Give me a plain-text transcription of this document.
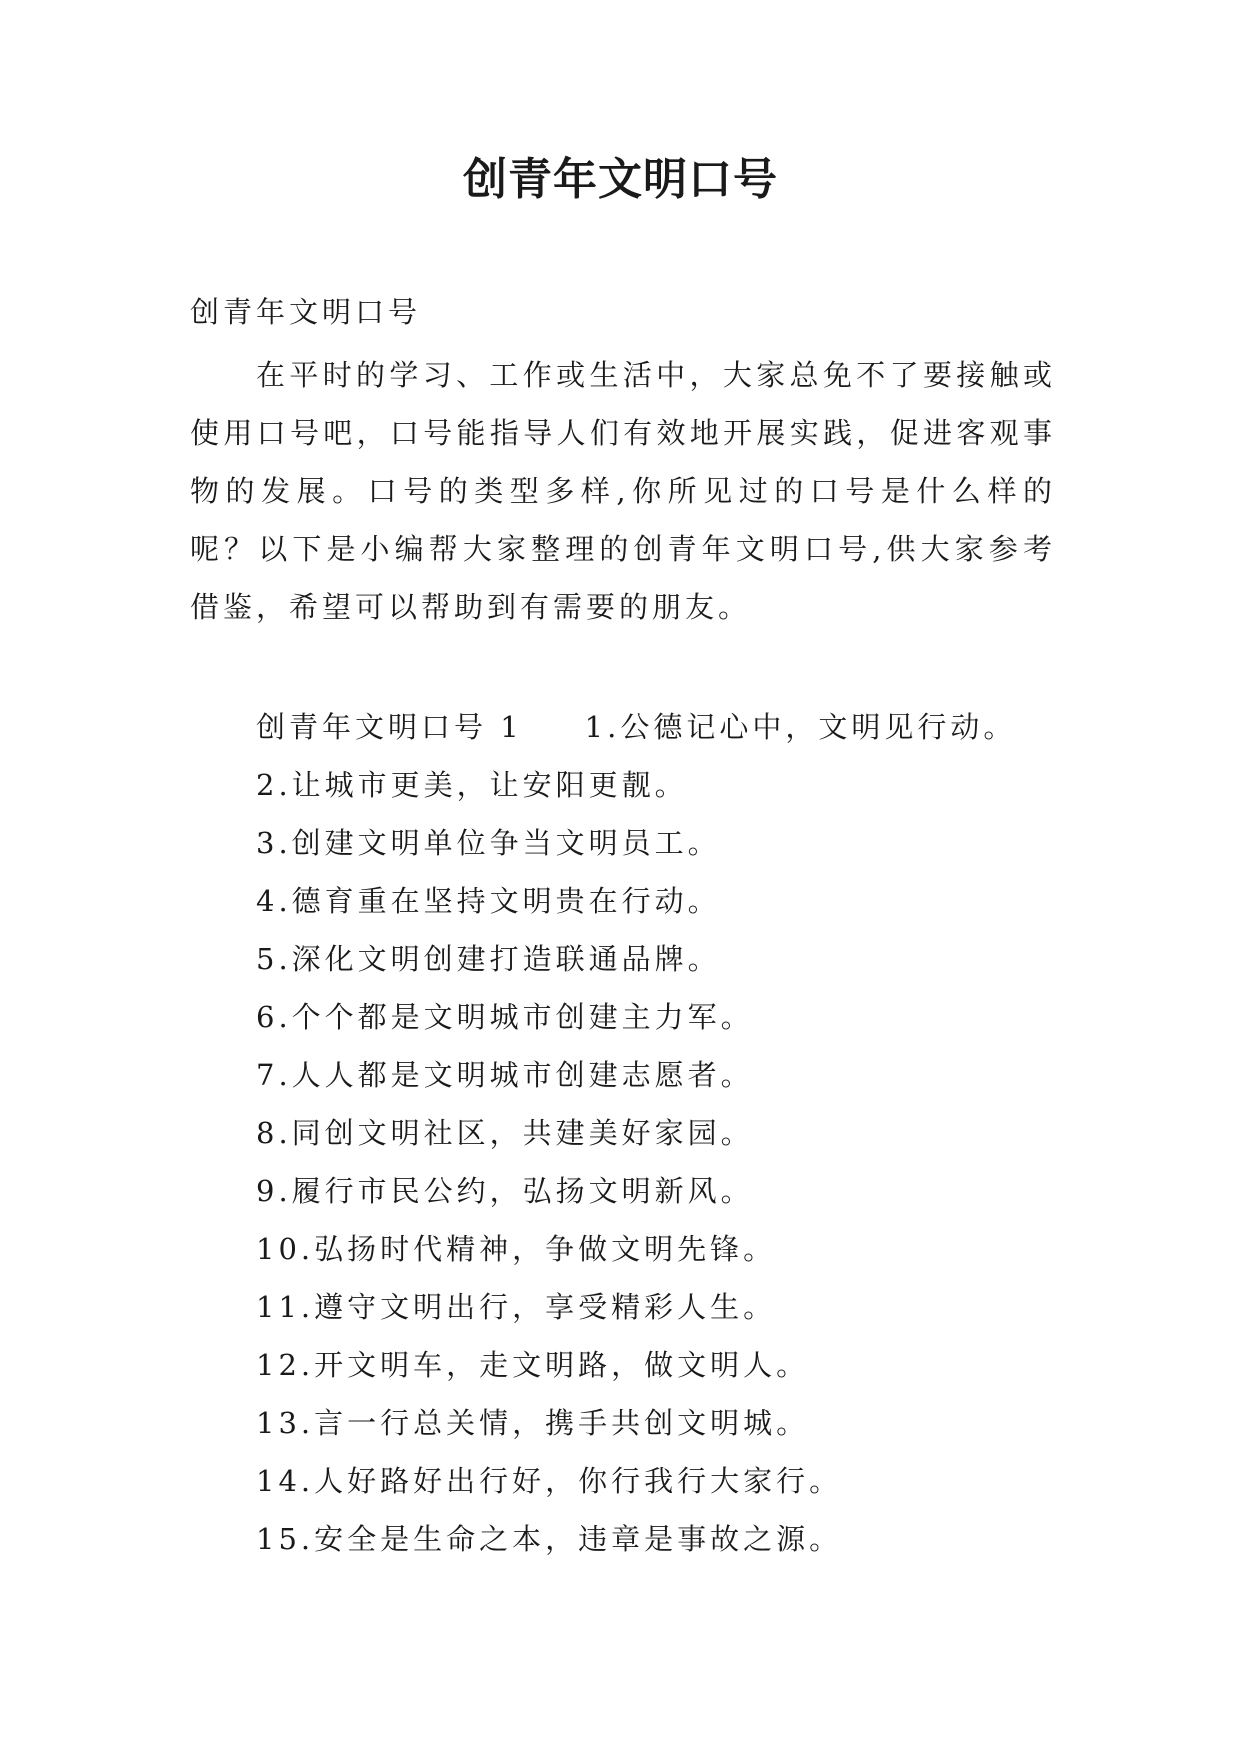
创青年文明口号

创青年文明口号

在平时的学习、工作或生活中，大家总免不了要接触或使用口号吧，口号能指导人们有效地开展实践，促进客观事物的发展。口号的类型多样,你所见过的口号是什么样的呢？以下是小编帮大家整理的创青年文明口号,供大家参考借鉴，希望可以帮助到有需要的朋友。

创青年文明口号 1 1.公德记心中，文明见行动。
2.让城市更美，让安阳更靓。
3.创建文明单位争当文明员工。
4.德育重在坚持文明贵在行动。
5.深化文明创建打造联通品牌。
6.个个都是文明城市创建主力军。
7.人人都是文明城市创建志愿者。
8.同创文明社区，共建美好家园。
9.履行市民公约，弘扬文明新风。
10.弘扬时代精神，争做文明先锋。
11.遵守文明出行，享受精彩人生。
12.开文明车，走文明路，做文明人。
13.言一行总关情，携手共创文明城。
14.人好路好出行好，你行我行大家行。
15.安全是生命之本，违章是事故之源。
